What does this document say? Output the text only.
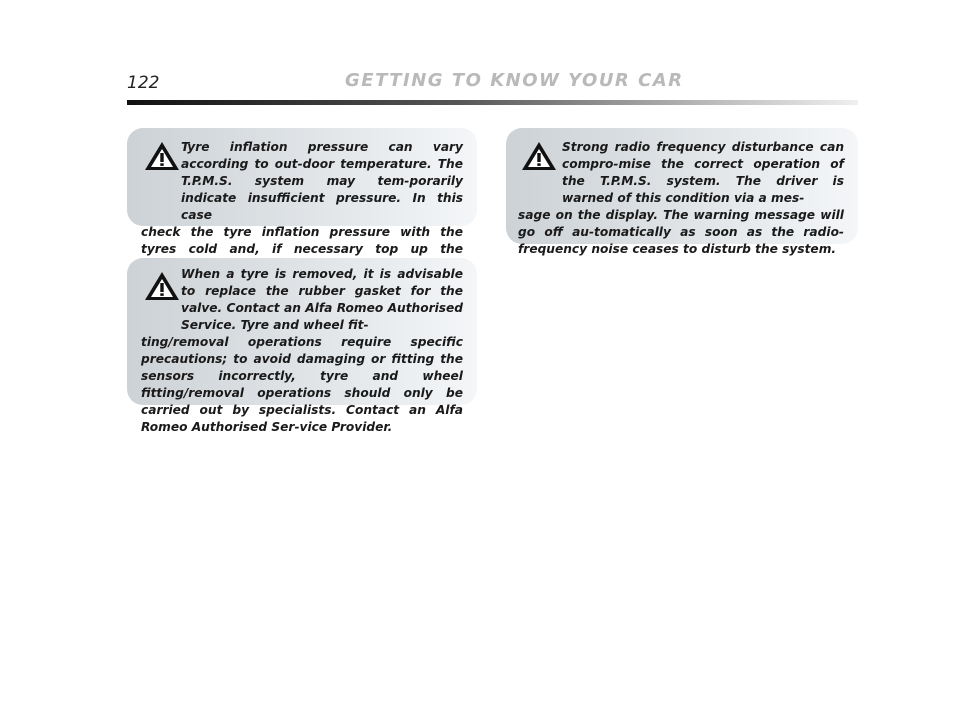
122	GETTING TO KNOW YOUR CAR
Tyre inflation pressure can vary according to out-door temperature. The T.P.M.S. system may tem-porarily indicate insufficient pressure. In this case
check the tyre inflation pressure with the tyres cold and, if necessary top up the
When a tyre is removed, it is advisable to replace the rubber gasket for the valve. Contact an Alfa Romeo Authorised Service. Tyre and wheel fit-
ting/removal operations require specific precautions; to avoid damaging or fitting the sensors incorrectly, tyre and wheel fitting/removal operations should only be carried out by specialists. Contact an Alfa Romeo Authorised Ser-vice Provider.
Strong radio frequency disturbance can compro-mise the correct operation of the T.P.M.S. system. The driver is warned of this condition via a mes-
sage on the display. The warning message will go off au-tomatically as soon as the radio-frequency noise ceases to disturb the system.
